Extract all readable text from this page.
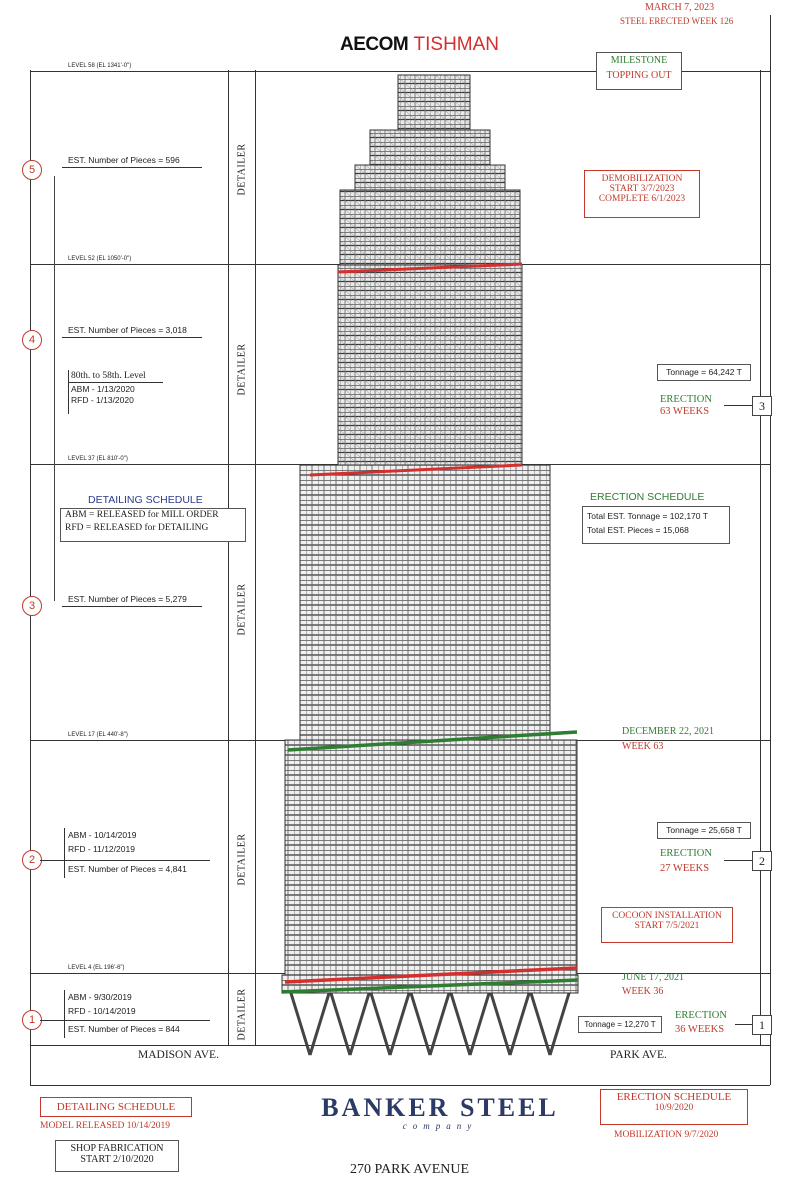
LEVEL 58 (EL 1341'-0")
LEVEL 52 (EL 1050'-0")
LEVEL 37 (EL 810'-0")
LEVEL 17 (EL 440'-8")
LEVEL 4 (EL 196'-6")
DETAILER
DETAILER
DETAILER
DETAILER
DETAILER
MARCH 7, 2023
STEEL ERECTED WEEK 126
AECOM TISHMAN
MILESTONE
TOPPING OUT
5
EST. Number of Pieces = 596
4
EST. Number of Pieces = 3,018
80th. to 58th. Level
ABM - 1/13/2020
RFD - 1/13/2020
DETAILING SCHEDULE
ABM = RELEASED for MILL ORDER
RFD = RELEASED for DETAILING
3
EST. Number of Pieces = 5,279
2
ABM - 10/14/2019
RFD - 11/12/2019
EST. Number of Pieces = 4,841
1
ABM - 9/30/2019
RFD - 10/14/2019
EST. Number of Pieces = 844
DEMOBILIZATION
START 3/7/2023
COMPLETE 6/1/2023
Tonnage = 64,242 T
ERECTION
63 WEEKS	3
ERECTION SCHEDULE
Total EST. Tonnage = 102,170 T
Total EST. Pieces = 15,068
DECEMBER 22, 2021
WEEK 63
Tonnage = 25,658 T
ERECTION
27 WEEKS
2
COCOON INSTALLATION
START 7/5/2021
JUNE 17, 2021
WEEK 36
Tonnage = 12,270 T
ERECTION
36 WEEKS	1
MADISON AVE.	PARK AVE.
DETAILING SCHEDULE
MODEL RELEASED 10/14/2019
SHOP FABRICATION
START 2/10/2020
BANKER STEEL
company
270 PARK AVENUE
ERECTION SCHEDULE
10/9/2020
MOBILIZATION 9/7/2020
